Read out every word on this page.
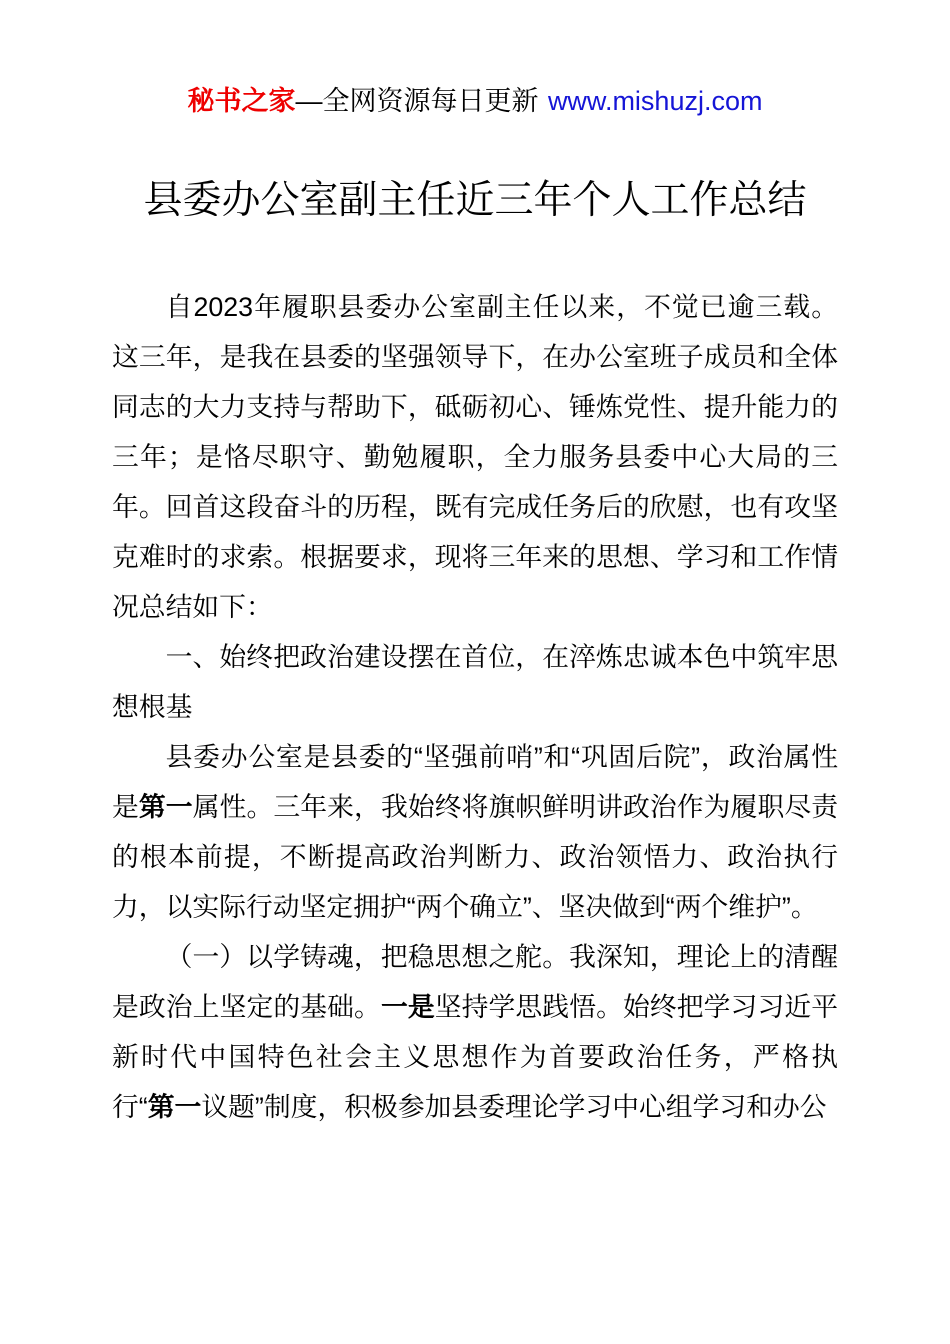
秘书之家—全网资源每日更新 www.mishuzj.com
县委办公室副主任近三年个人工作总结

自2023年履职县委办公室副主任以来，不觉已逾三载。这三年，是我在县委的坚强领导下，在办公室班子成员和全体同志的大力支持与帮助下，砥砺初心、锤炼党性、提升能力的三年；是恪尽职守、勤勉履职，全力服务县委中心大局的三年。回首这段奋斗的历程，既有完成任务后的欣慰，也有攻坚克难时的求索。根据要求，现将三年来的思想、学习和工作情况总结如下：

一、始终把政治建设摆在首位，在淬炼忠诚本色中筑牢思想根基

县委办公室是县委的“坚强前哨”和“巩固后院”，政治属性是第一属性。三年来，我始终将旗帜鲜明讲政治作为履职尽责的根本前提，不断提高政治判断力、政治领悟力、政治执行力，以实际行动坚定拥护“两个确立”、坚决做到“两个维护”。

（一）以学铸魂，把稳思想之舵。我深知，理论上的清醒是政治上坚定的基础。一是坚持学思践悟。始终把学习习近平新时代中国特色社会主义思想作为首要政治任务，严格执行“第一议题”制度，积极参加县委理论学习中心组学习和办公
